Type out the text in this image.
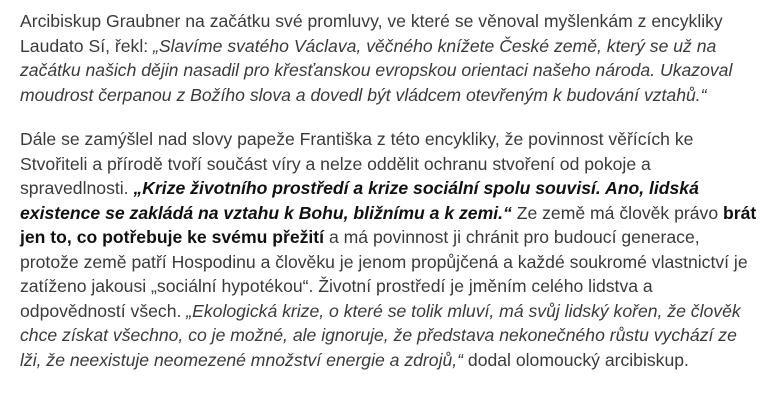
Arcibiskup Graubner na začátku své promluvy, ve které se věnoval myšlenkám z encykliky Laudato Sí, řekl: „Slavíme svatého Václava, věčného knížete České země, který se už na začátku našich dějin nasadil pro křesťanskou evropskou orientaci našeho národa. Ukazoval moudrost čerpanou z Božího slova a dovedl být vládcem otevřeným k budování vztahů.“

Dále se zamýšlel nad slovy papeže Františka z této encykliky, že povinnost věřících ke Stvořiteli a přírodě tvoří součást víry a nelze oddělit ochranu stvoření od pokoje a spravedlnosti. „Krize životního prostředí a krize sociální spolu souvisí. Ano, lidská existence se zakládá na vztahu k Bohu, bližnímu a k zemi.“ Ze země má člověk právo brát jen to, co potřebuje ke svému přežití a má povinnost ji chránit pro budoucí generace, protože země patří Hospodinu a člověku je jenom propůjčená a každé soukromé vlastnictví je zatíženo jakousi „sociální hypotékou“. Životní prostředí je jměním celého lidstva a odpovědností všech. „Ekologická krize, o které se tolik mluví, má svůj lidský kořen, že člověk chce získat všechno, co je možné, ale ignoruje, že představa nekonečného růstu vychází ze lži, že neexistuje neomezené množství energie a zdrojů,“ dodal olomoucký arcibiskup.
